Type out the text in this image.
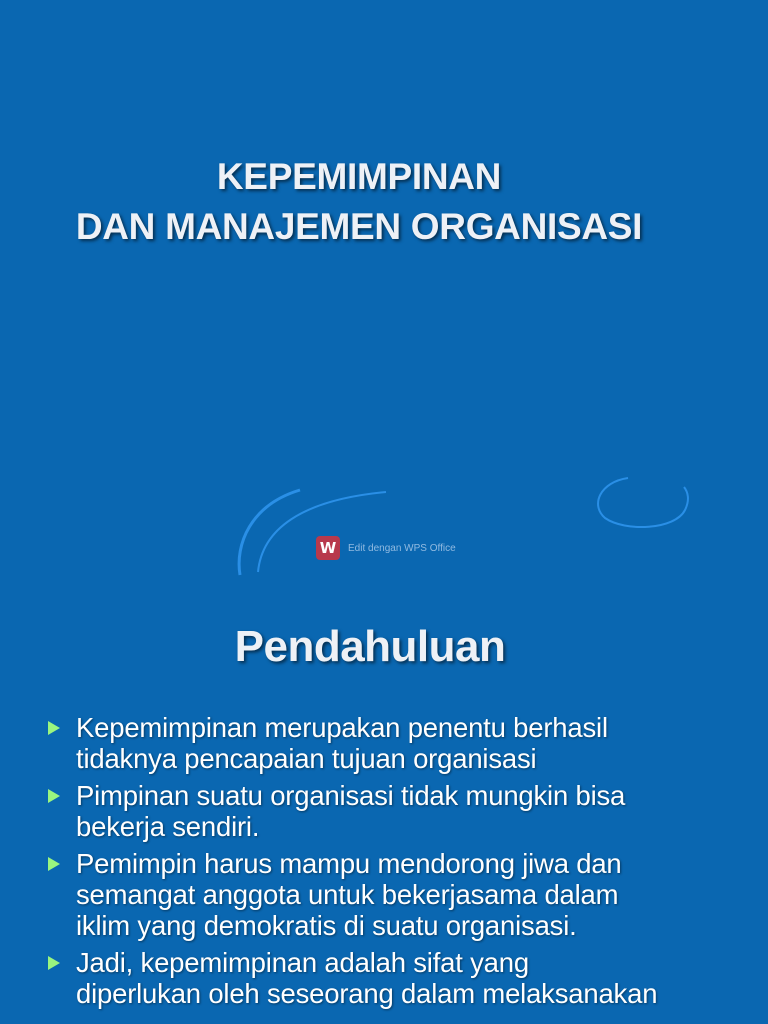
KEPEMIMPINAN
DAN MANAJEMEN ORGANISASI
W	Edit dengan WPS Office
Pendahuluan
Kepemimpinan merupakan penentu berhasil
tidaknya pencapaian tujuan organisasi
Pimpinan suatu organisasi tidak mungkin bisa
bekerja sendiri.
Pemimpin harus mampu mendorong jiwa dan
semangat anggota untuk bekerjasama dalam
iklim yang demokratis di suatu organisasi.
Jadi, kepemimpinan adalah sifat yang
diperlukan oleh seseorang dalam melaksanakan
